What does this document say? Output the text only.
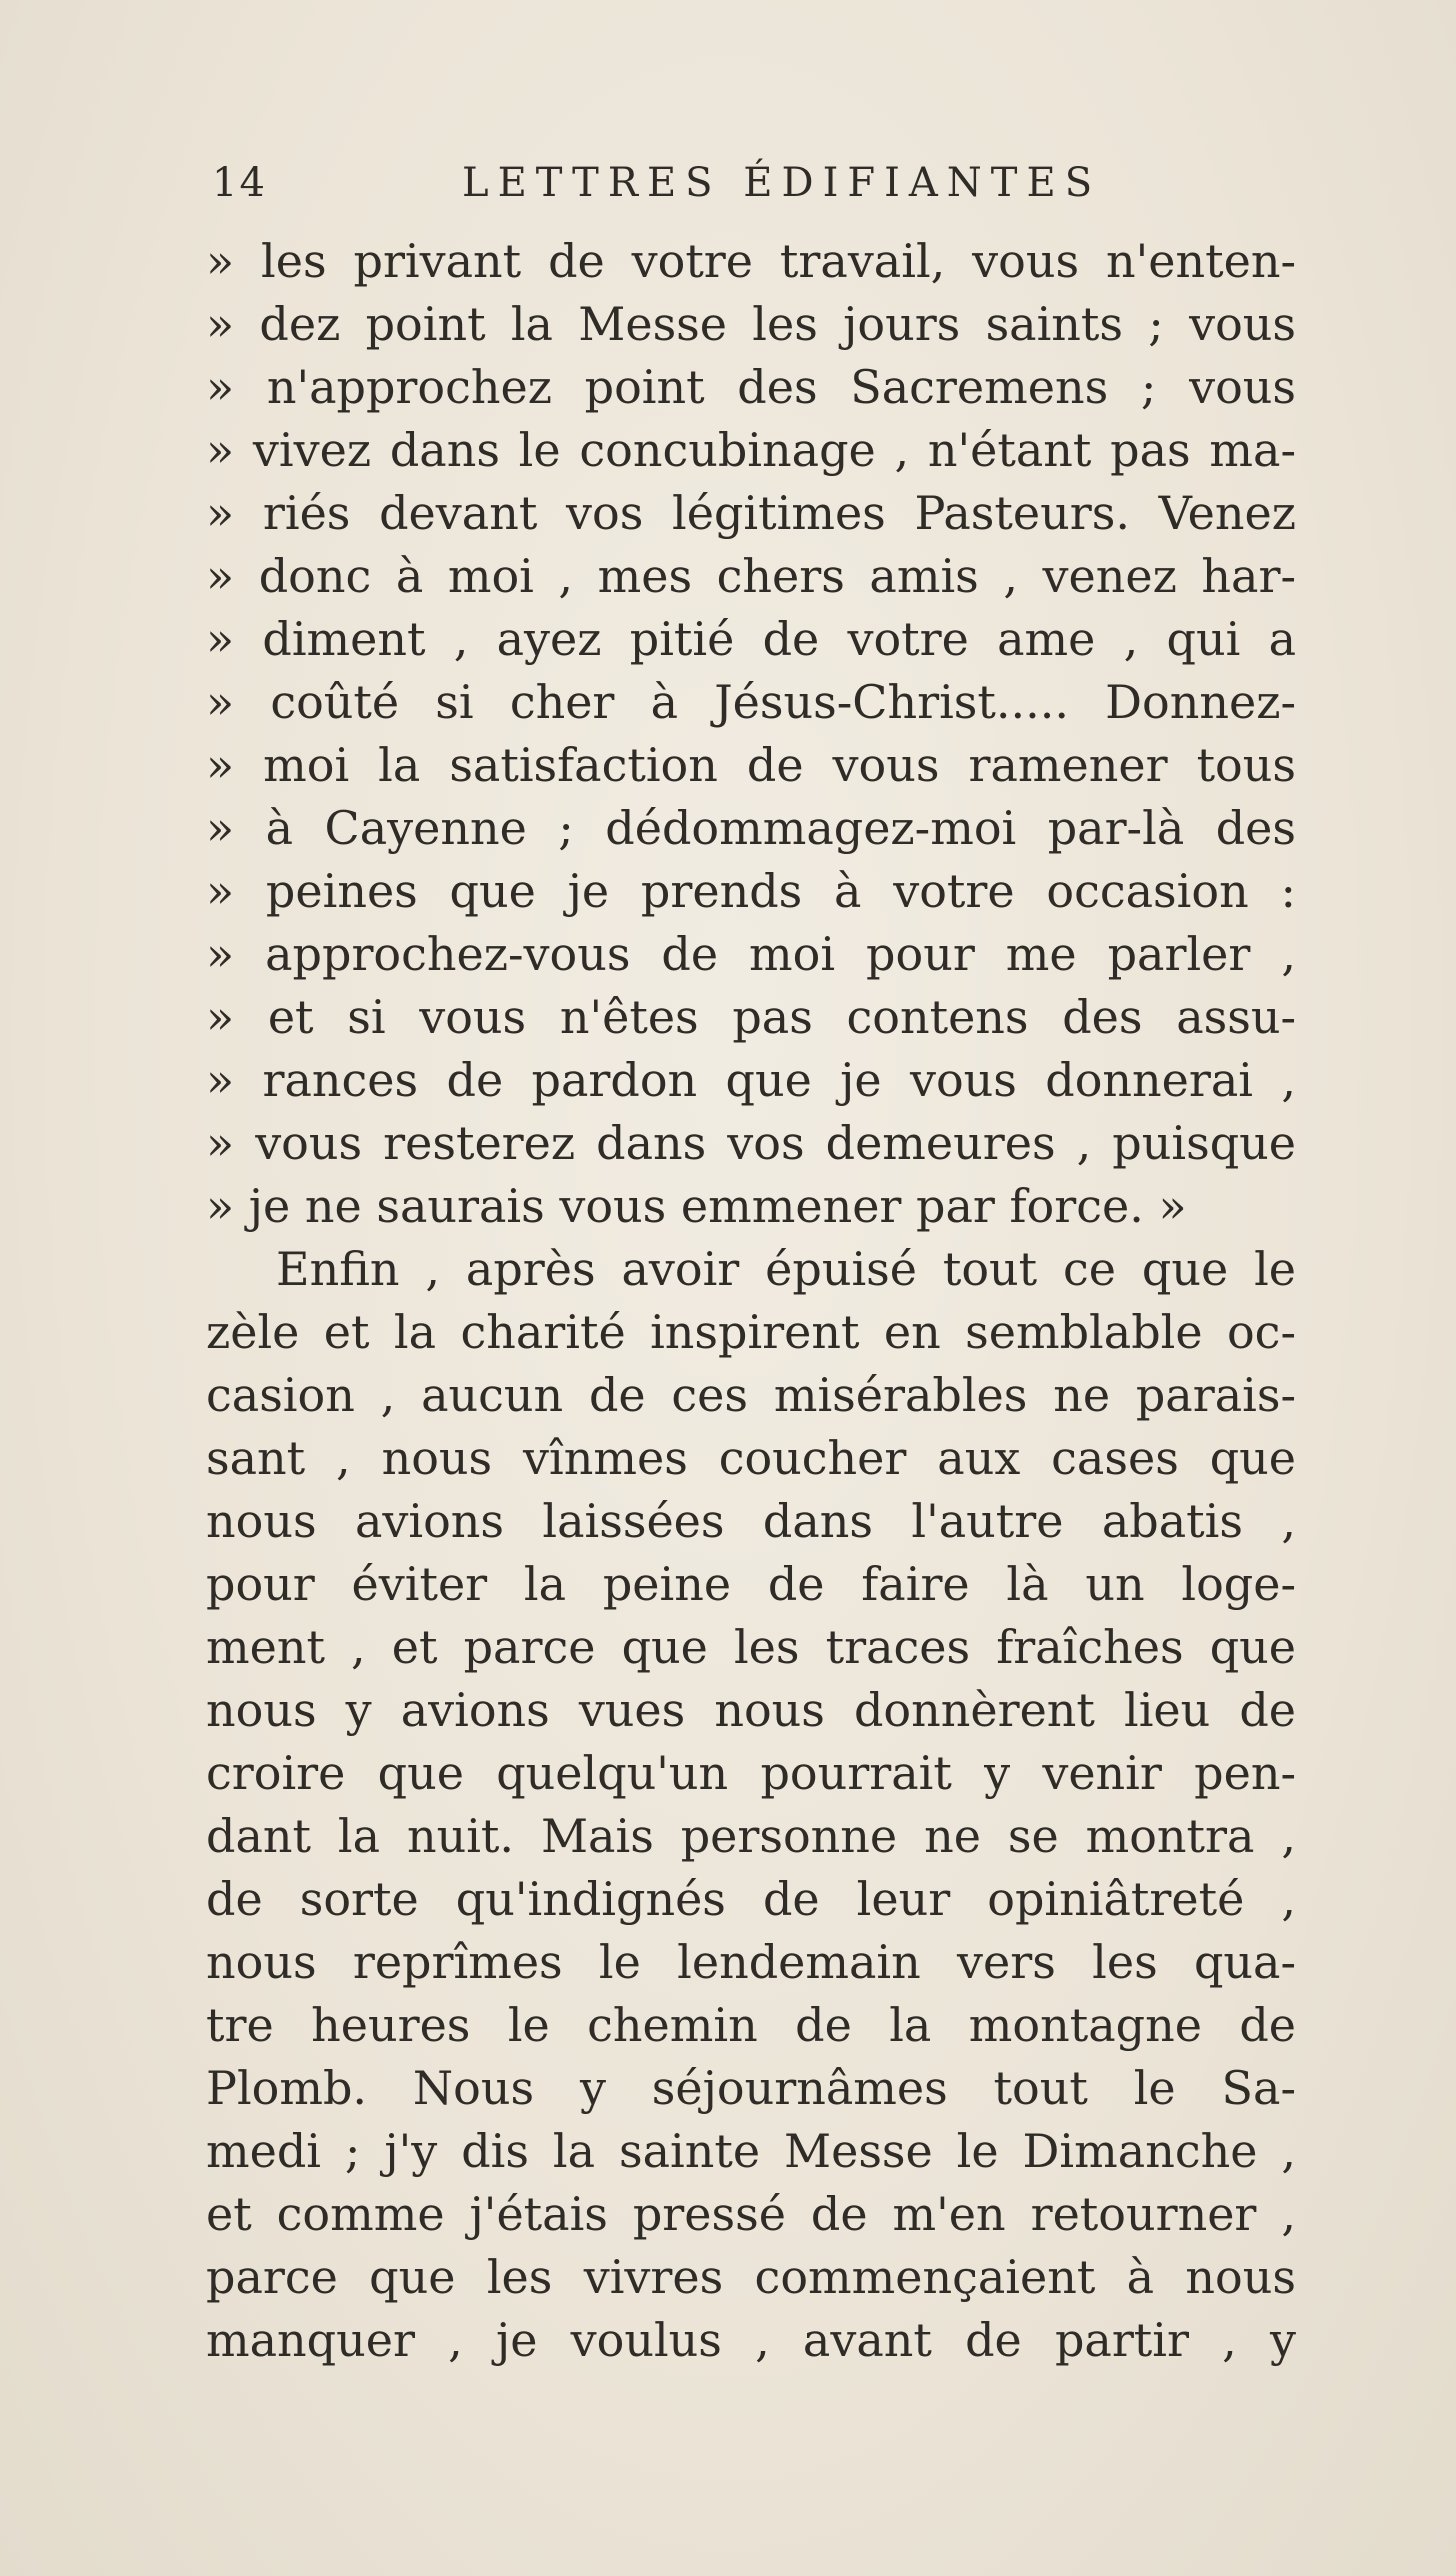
14	LETTRES ÉDIFIANTES
» les privant de votre travail, vous n'enten-
» dez point la Messe les jours saints ; vous
» n'approchez point des Sacremens ; vous
» vivez dans le concubinage , n'étant pas ma-
» riés devant vos légitimes Pasteurs. Venez
» donc à moi , mes chers amis , venez har-
» diment , ayez pitié de votre ame , qui a
» coûté si cher à Jésus-Christ..... Donnez-
» moi la satisfaction de vous ramener tous
» à Cayenne ; dédommagez-moi par-là des
» peines que je prends à votre occasion :
» approchez-vous de moi pour me parler ,
» et si vous n'êtes pas contens des assu-
» rances de pardon que je vous donnerai ,
» vous resterez dans vos demeures , puisque
» je ne saurais vous emmener par force. »
Enfin , après avoir épuisé tout ce que le
zèle et la charité inspirent en semblable oc-
casion , aucun de ces misérables ne parais-
sant , nous vînmes coucher aux cases que
nous avions laissées dans l'autre abatis ,
pour éviter la peine de faire là un loge-
ment , et parce que les traces fraîches que
nous y avions vues nous donnèrent lieu de
croire que quelqu'un pourrait y venir pen-
dant la nuit. Mais personne ne se montra ,
de sorte qu'indignés de leur opiniâtreté ,
nous reprîmes le lendemain vers les qua-
tre heures le chemin de la montagne de
Plomb. Nous y séjournâmes tout le Sa-
medi ; j'y dis la sainte Messe le Dimanche ,
et comme j'étais pressé de m'en retourner ,
parce que les vivres commençaient à nous
manquer , je voulus , avant de partir , y
